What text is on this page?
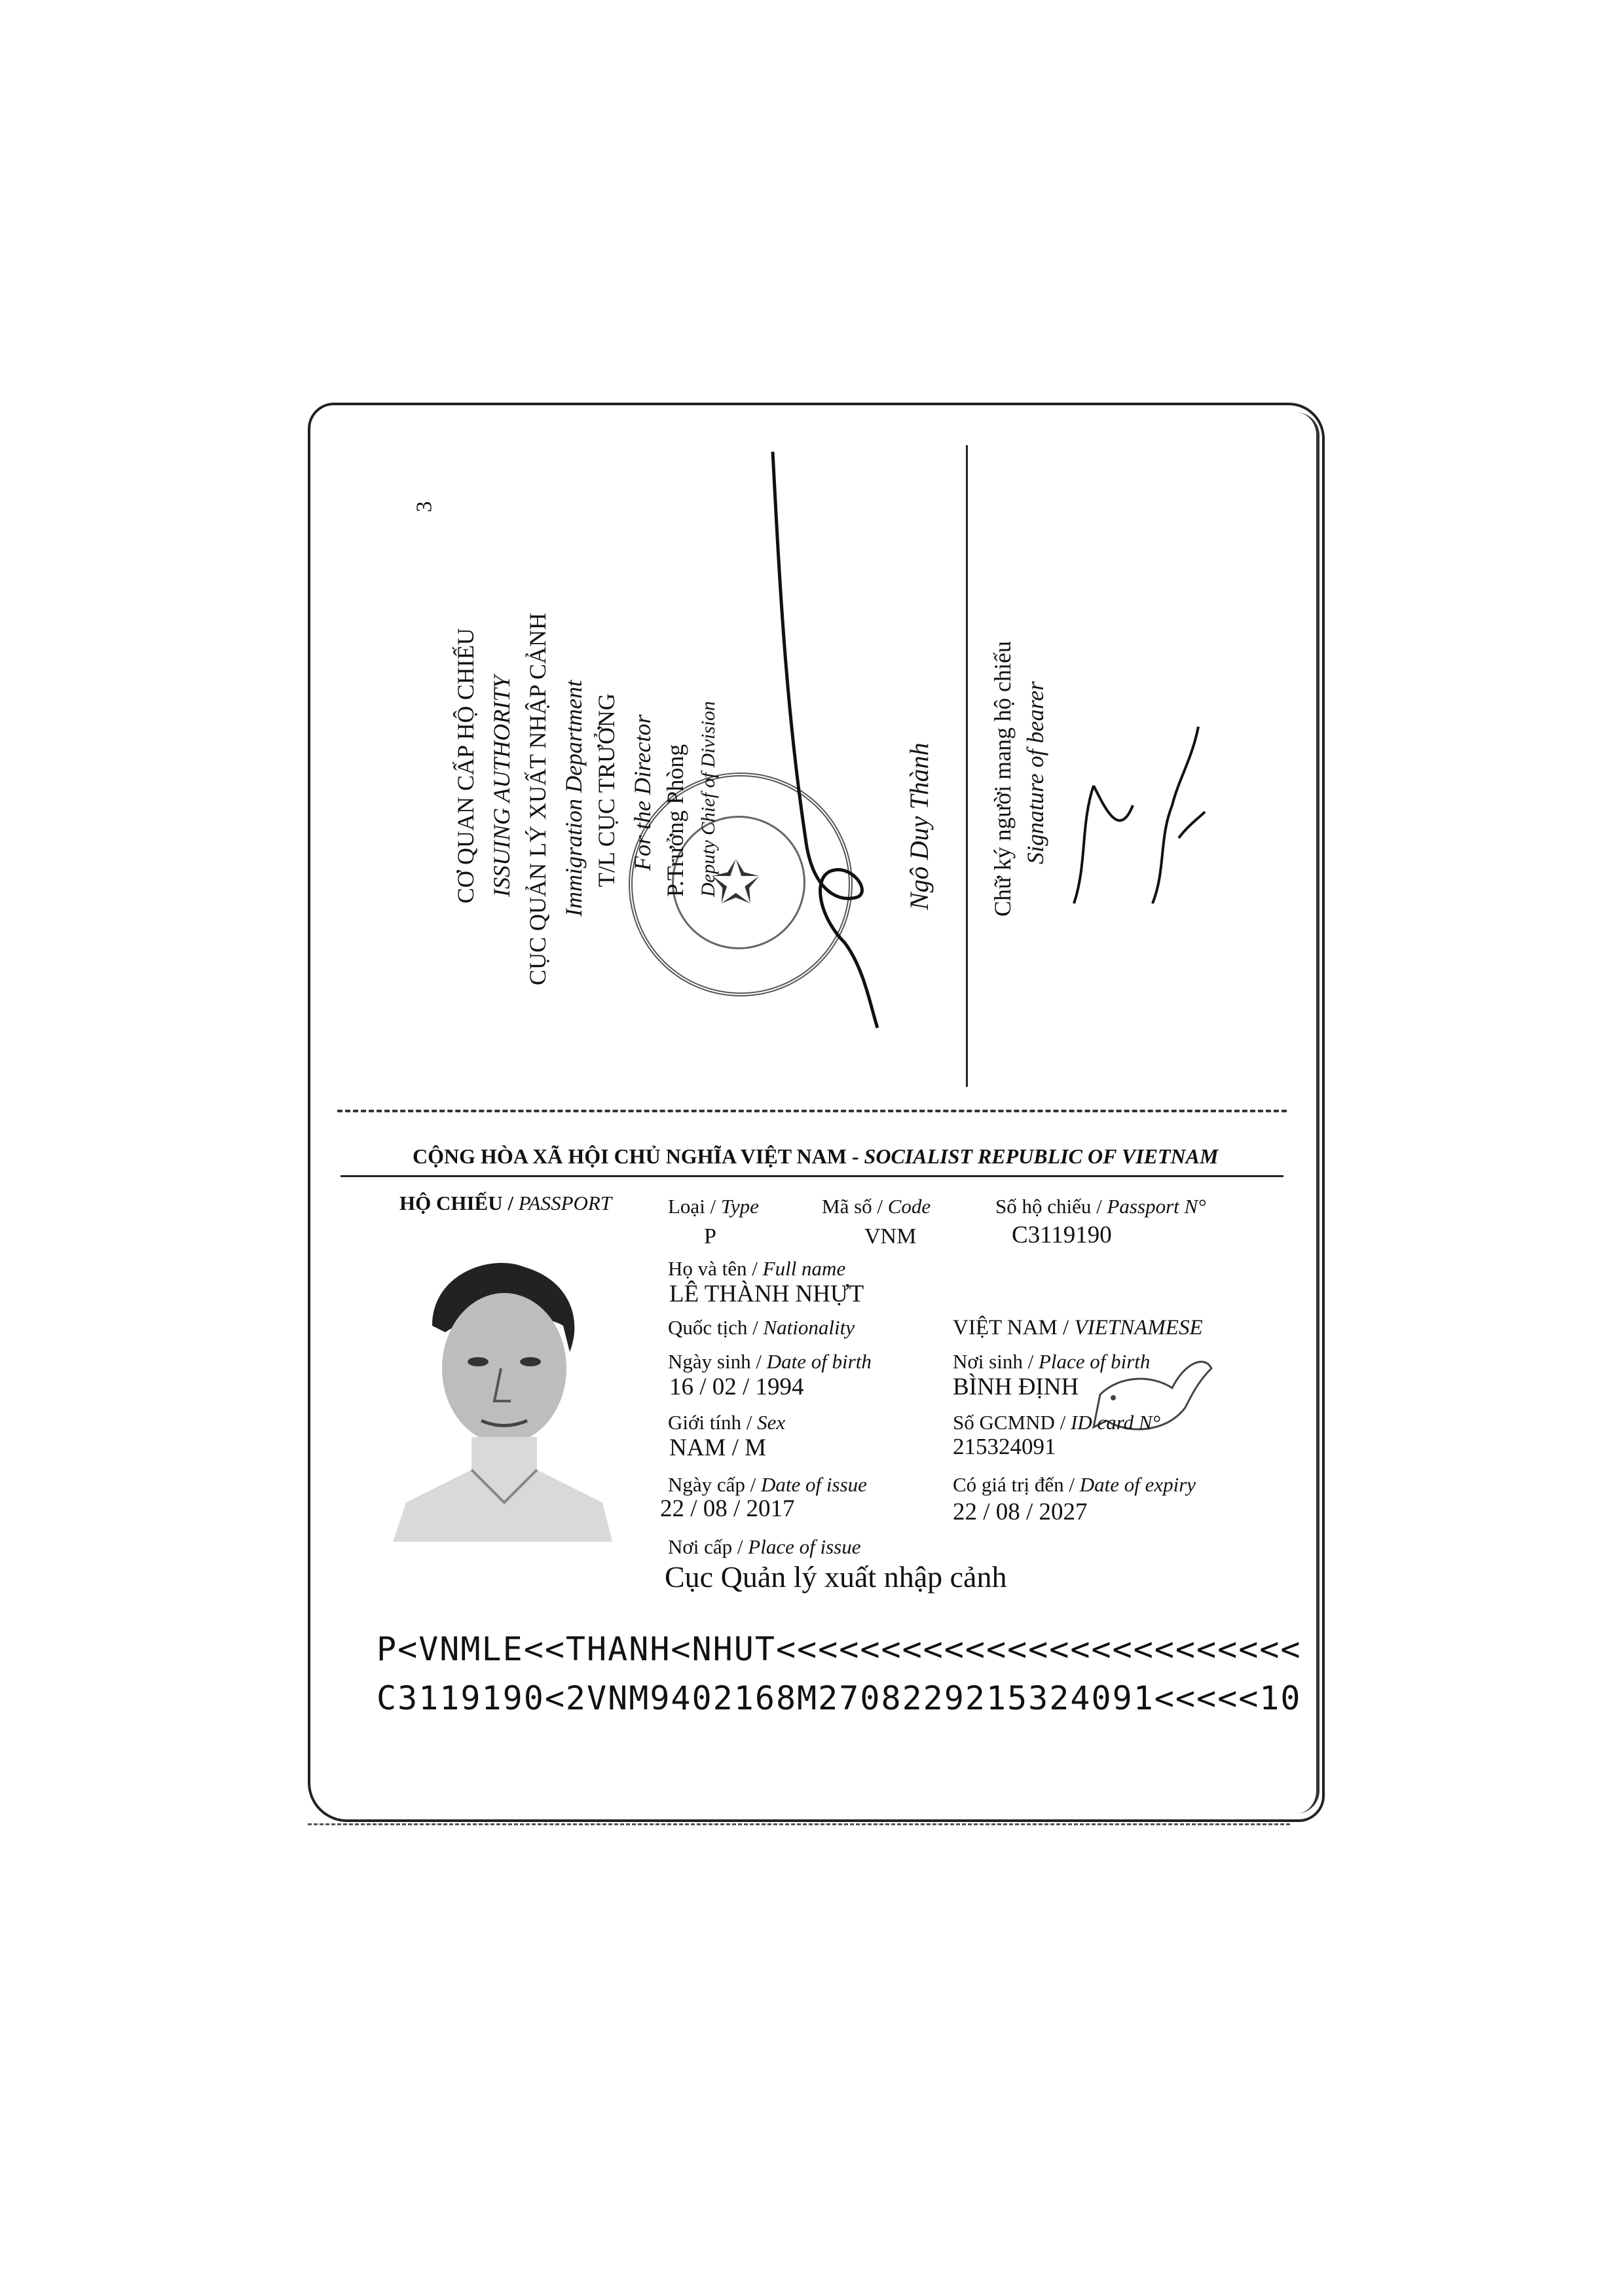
3
✩
CƠ QUAN CẤP HỘ CHIẾU ISSUING AUTHORITY CỤC QUẢN LÝ XUẤT NHẬP CẢNH Immigration Department T/L CỤC TRƯỞNG For the Director P.Trưởng Phòng Deputy Chief of Division	Ngô Duy Thành Chữ ký người mang hộ chiếu Signature of bearer
CỘNG HÒA XÃ HỘI CHỦ NGHĨA VIỆT NAM - SOCIALIST REPUBLIC OF VIETNAM
HỘ CHIẾU / PASSPORT	Loại / Type
P
Mã số / Code
VNM
Số hộ chiếu / Passport N°
C3119190
Họ và tên / Full name
LÊ THÀNH NHỰT
Quốc tịch / Nationality	VIỆT NAM / VIETNAMESE
Ngày sinh / Date of birth
16 / 02 / 1994
Nơi sinh / Place of birth
BÌNH ĐỊNH
Giới tính / Sex
NAM / M
Số GCMND / ID card N°
215324091
Ngày cấp / Date of issue
22 / 08 / 2017
Có giá trị đến / Date of expiry
22 / 08 / 2027
Nơi cấp / Place of issue
Cục Quản lý xuất nhập cảnh
P<VNMLE<<THANH<NHUT<<<<<<<<<<<<<<<<<<<<<<<<<
C3119190<2VNM9402168M2708229215324091<<<<<10
